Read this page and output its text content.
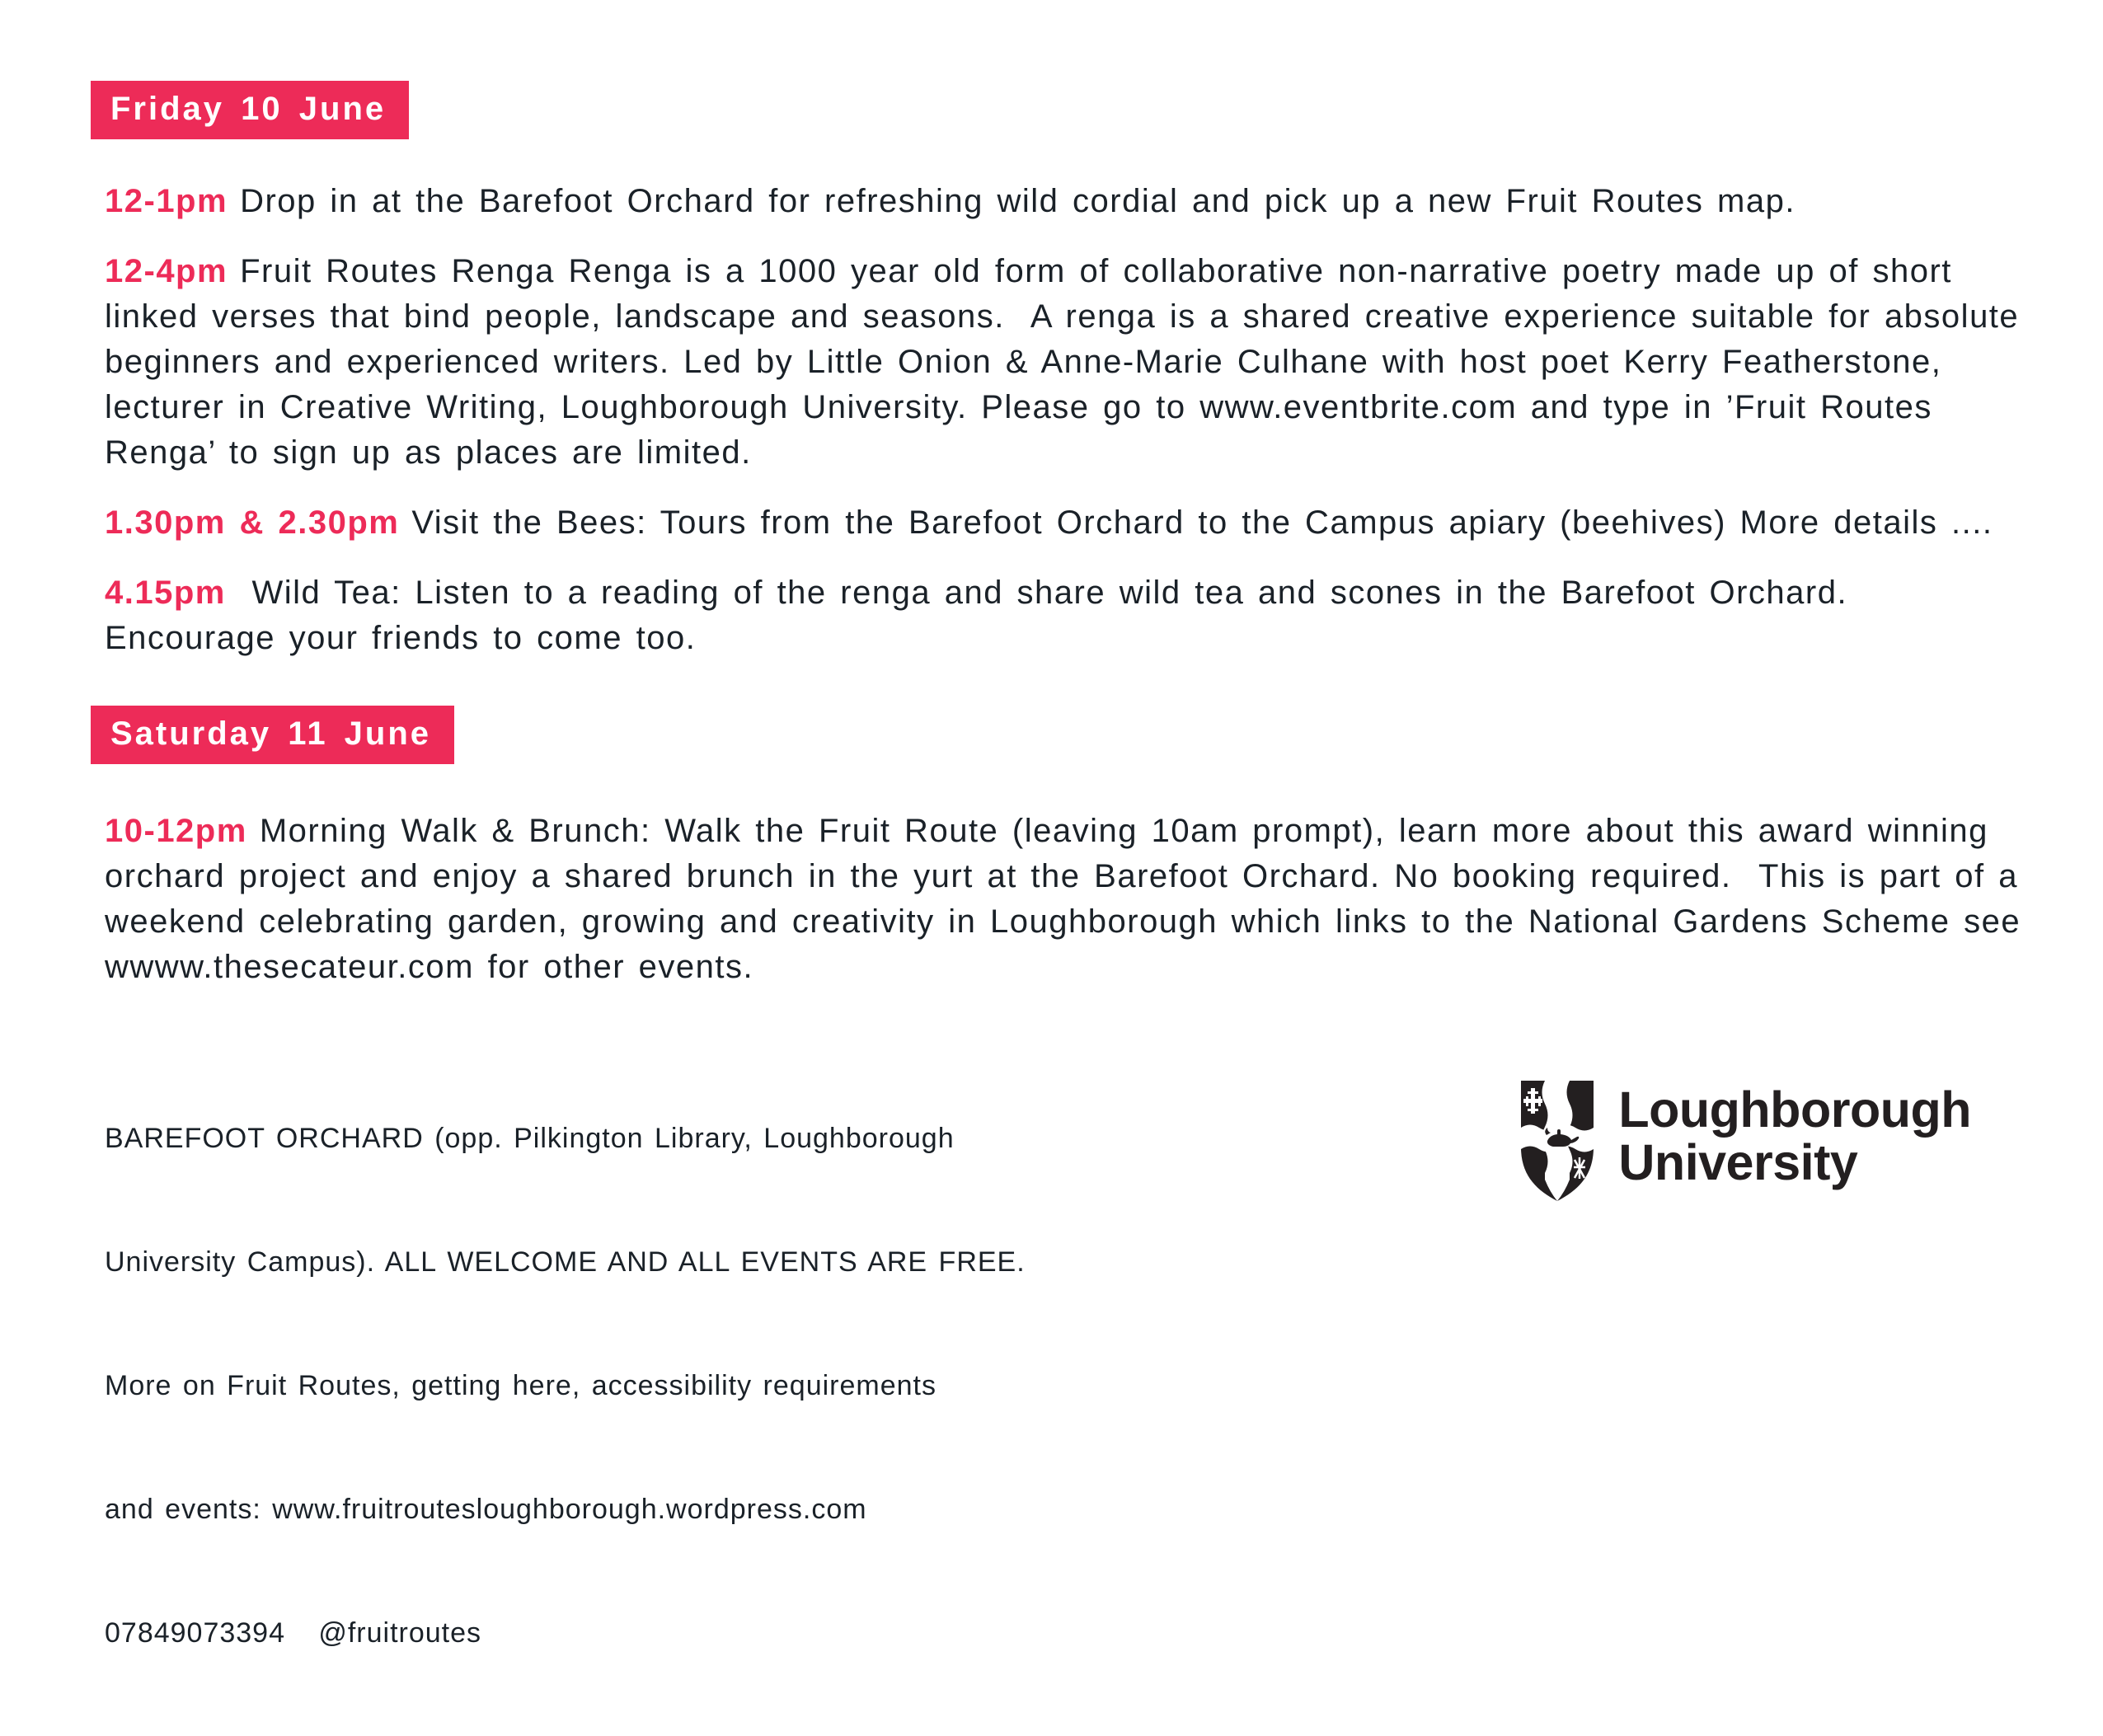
Friday 10 June

12-1pm Drop in at the Barefoot Orchard for refreshing wild cordial and pick up a new Fruit Routes map.

12-4pm Fruit Routes Renga Renga is a 1000 year old form of collaborative non-narrative poetry made up of short linked verses that bind people, landscape and seasons.  A renga is a shared creative experience suitable for absolute beginners and experienced writers. Led by Little Onion & Anne-Marie Culhane with host poet Kerry Featherstone, lecturer in Creative Writing, Loughborough University. Please go to www.eventbrite.com and type in ’Fruit Routes Renga’ to sign up as places are limited.

1.30pm & 2.30pm Visit the Bees: Tours from the Barefoot Orchard to the Campus apiary (beehives) More details ....

4.15pm Wild Tea: Listen to a reading of the renga and share wild tea and scones in the Barefoot Orchard. Encourage your friends to come too.

Saturday 11 June

10-12pm Morning Walk & Brunch: Walk the Fruit Route (leaving 10am prompt), learn more about this award winning orchard project and enjoy a shared brunch in the yurt at the Barefoot Orchard. No booking required.  This is part of a weekend celebrating garden, growing and creativity in Loughborough which links to the National Gardens Scheme see wwww.thesecateur.com for other events.

BAREFOOT ORCHARD (opp. Pilkington Library, Loughborough

University Campus). ALL WELCOME AND ALL EVENTS ARE FREE.

More on Fruit Routes, getting here, accessibility requirements

and events: www.fruitroutesloughborough.wordpress.com

07849073394   @fruitroutes

Loughborough
University
